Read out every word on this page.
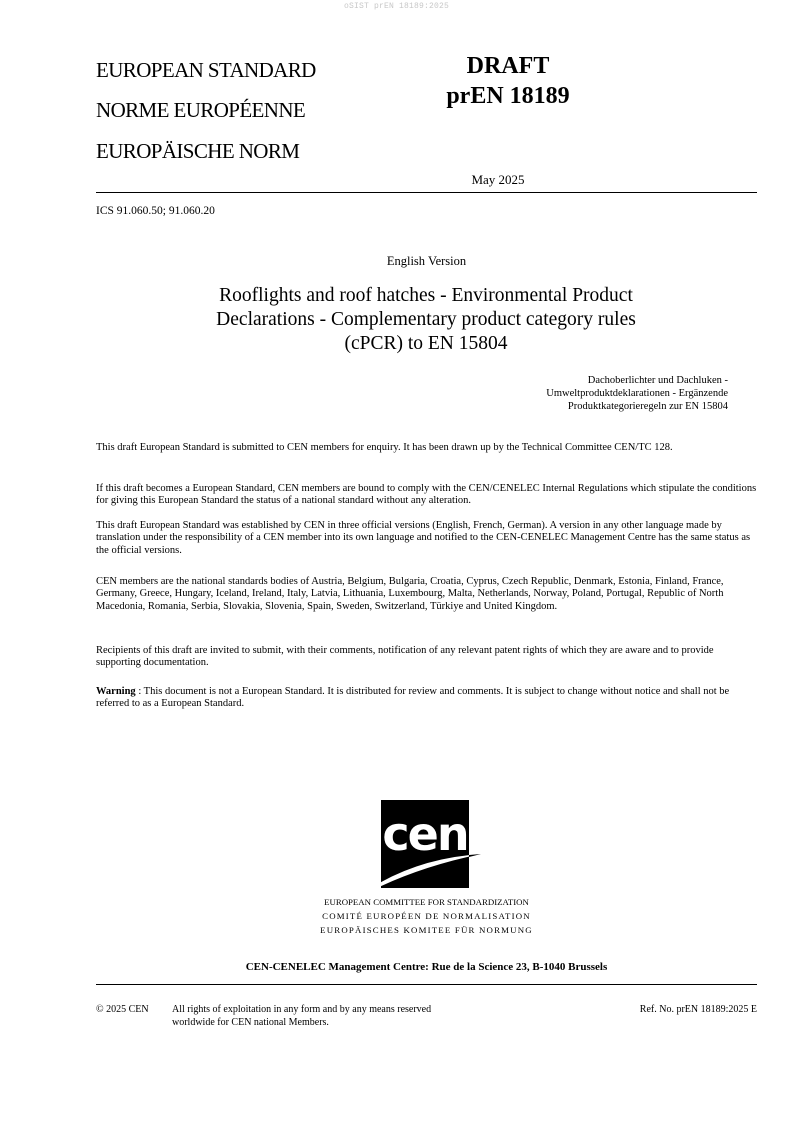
oSIST prEN 18189:2025
EUROPEAN STANDARD
NORME EUROPÉENNE
EUROPÄISCHE NORM
DRAFT
prEN 18189
May 2025
ICS 91.060.50; 91.060.20
English Version
Rooflights and roof hatches - Environmental Product
Declarations - Complementary product category rules
(cPCR) to EN 15804
Dachoberlichter und Dachluken -
Umweltproduktdeklarationen - Ergänzende
Produktkategorieregeln zur EN 15804

This draft European Standard is submitted to CEN members for enquiry. It has been drawn up by the Technical Committee CEN/TC 128.

If this draft becomes a European Standard, CEN members are bound to comply with the CEN/CENELEC Internal Regulations which stipulate the conditions for giving this European Standard the status of a national standard without any alteration.

This draft European Standard was established by CEN in three official versions (English, French, German). A version in any other language made by translation under the responsibility of a CEN member into its own language and notified to the CEN-CENELEC Management Centre has the same status as the official versions.

CEN members are the national standards bodies of Austria, Belgium, Bulgaria, Croatia, Cyprus, Czech Republic, Denmark, Estonia, Finland, France, Germany, Greece, Hungary, Iceland, Ireland, Italy, Latvia, Lithuania, Luxembourg, Malta, Netherlands, Norway, Poland, Portugal, Republic of North Macedonia, Romania, Serbia, Slovakia, Slovenia, Spain, Sweden, Switzerland, Türkiye and United Kingdom.

Recipients of this draft are invited to submit, with their comments, notification of any relevant patent rights of which they are aware and to provide supporting documentation.

Warning : This document is not a European Standard. It is distributed for review and comments. It is subject to change without notice and shall not be referred to as a European Standard.

cen
EUROPEAN COMMITTEE FOR STANDARDIZATION
COMITÉ EUROPÉEN DE NORMALISATION
EUROPÄISCHES KOMITEE FÜR NORMUNG
CEN-CENELEC Management Centre: Rue de la Science 23, B-1040 Brussels
© 2025 CEN All rights of exploitation in any form and by any means reserved
worldwide for CEN national Members.
Ref. No. prEN 18189:2025 E
